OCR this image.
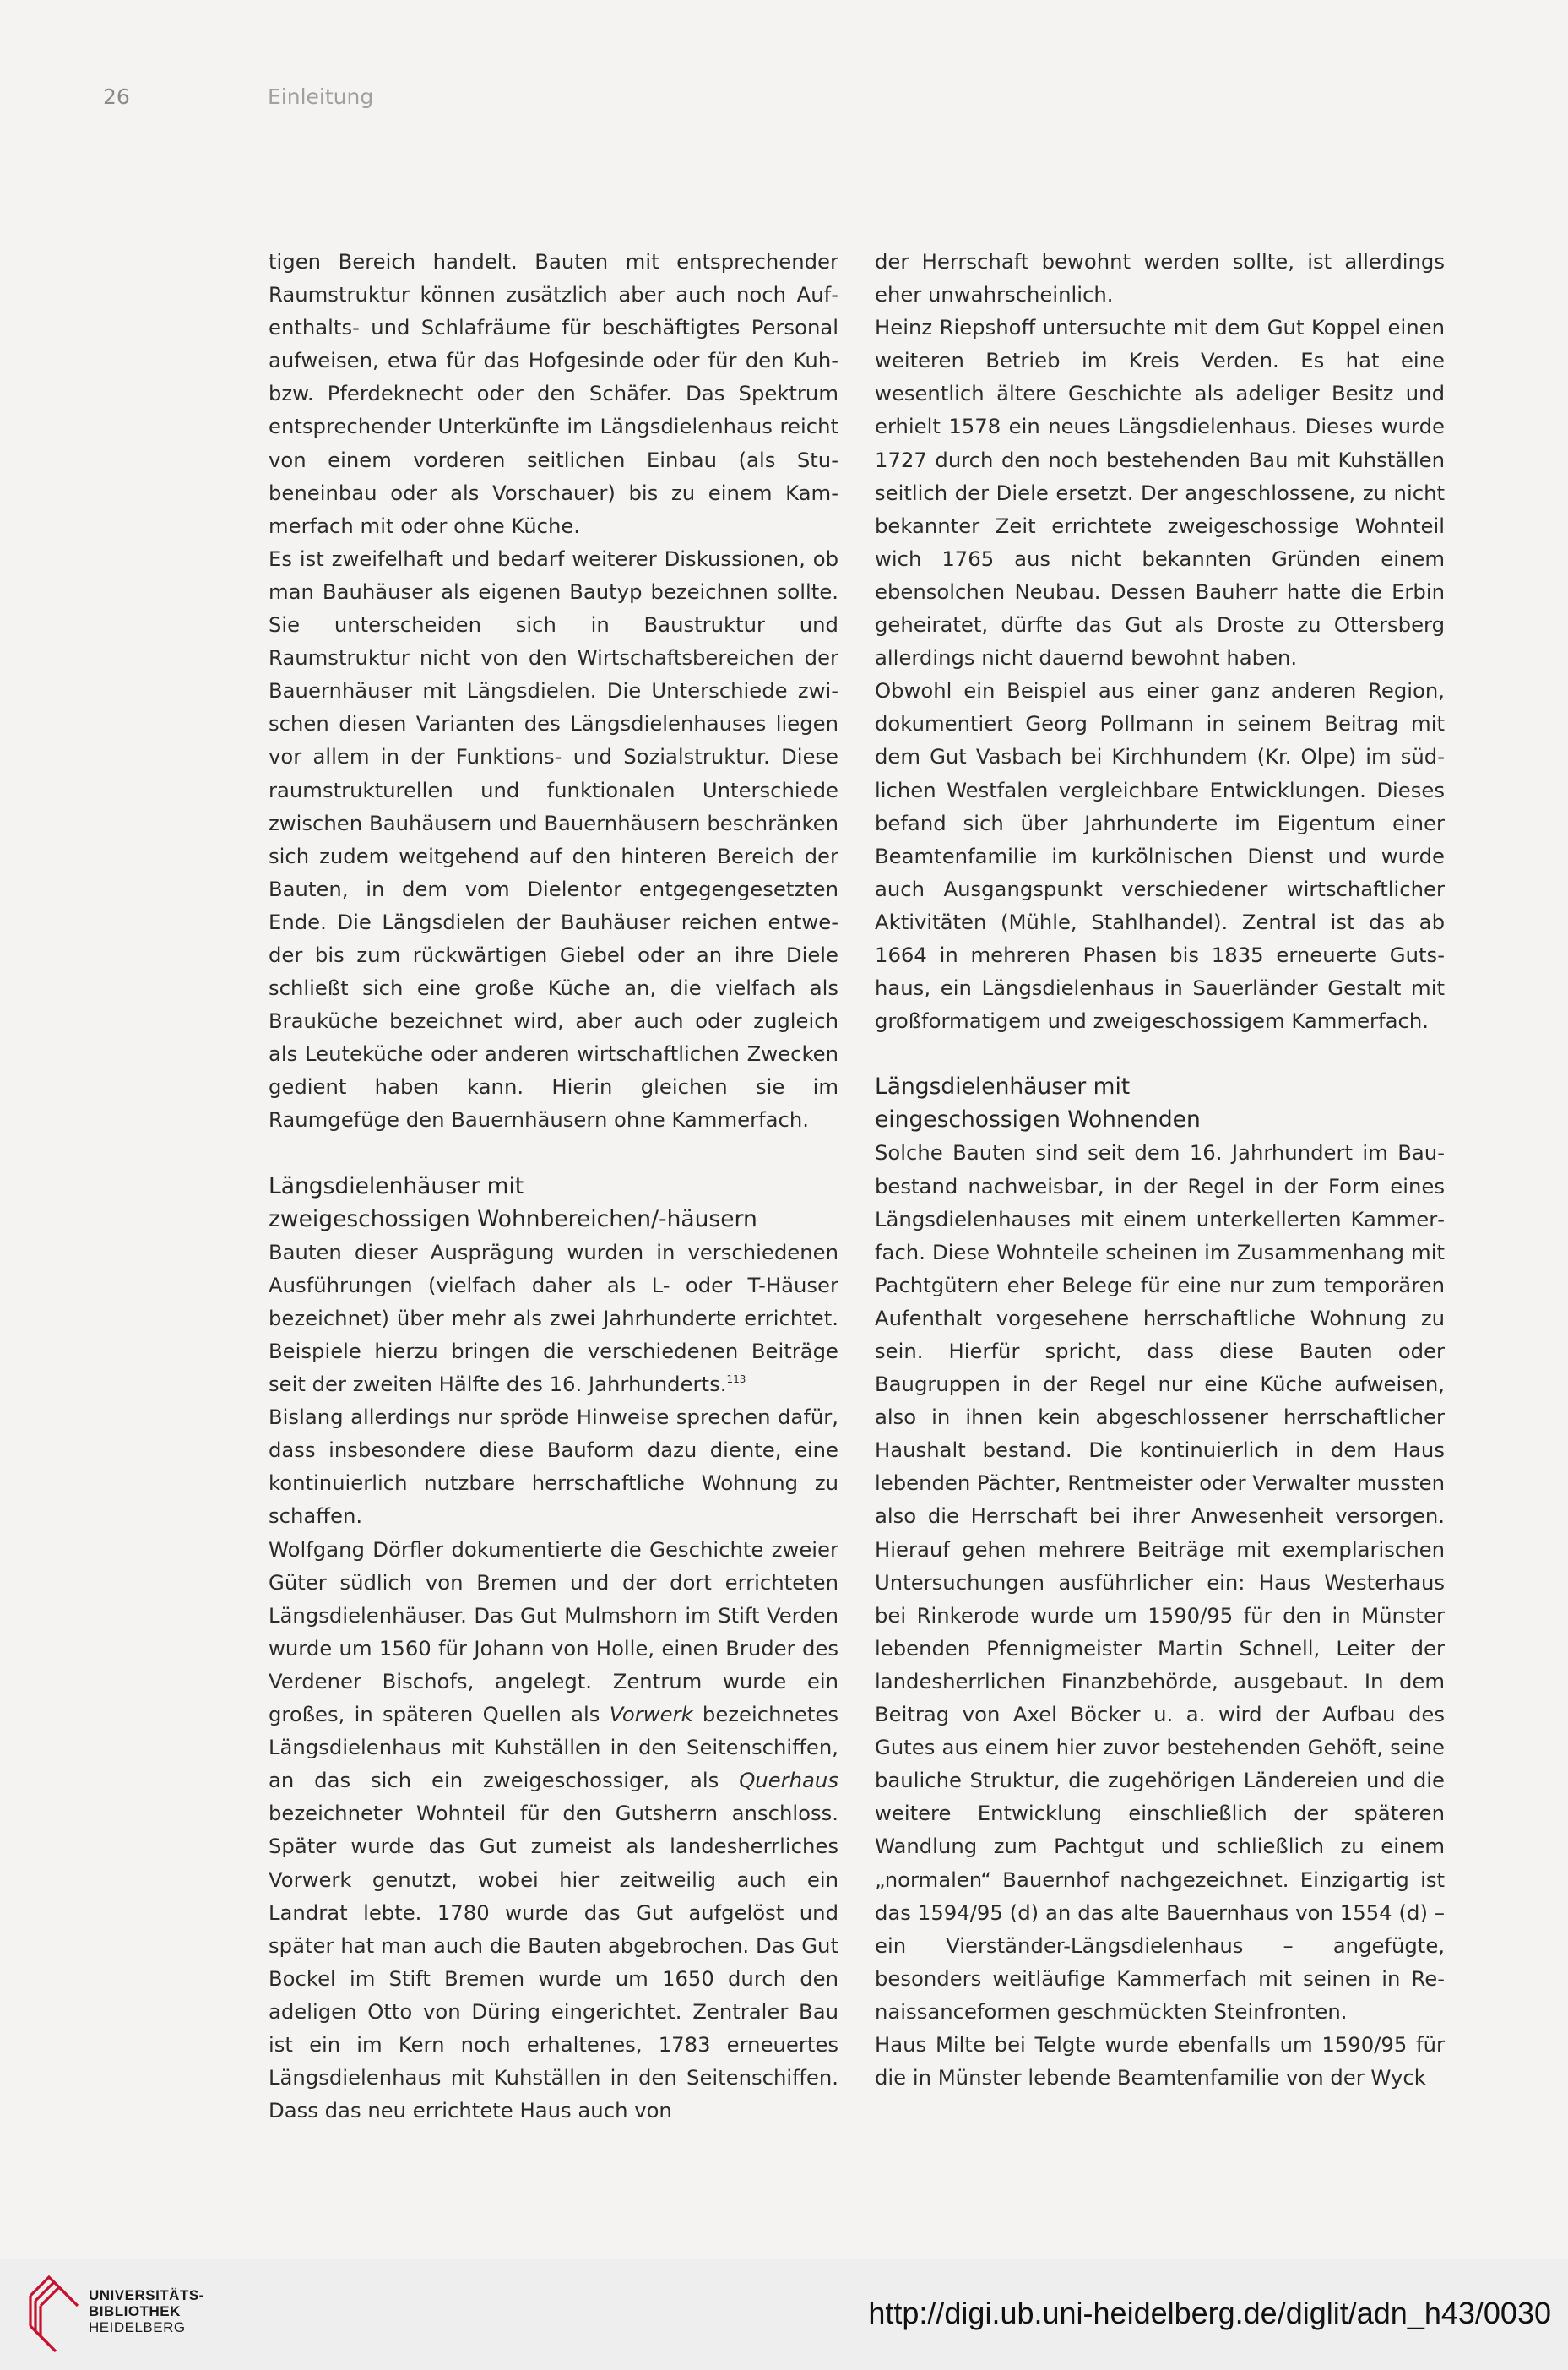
26	Einleitung

tigen Bereich handelt. Bauten mit entsprechender Raumstruktur können zusätzlich aber auch noch Aufenthalts- und Schlafräume für beschäftigtes Personal aufweisen, etwa für das Hofgesinde oder für den Kuh- bzw. Pferdeknecht oder den Schäfer. Das Spektrum entsprechender Unterkünfte im Längsdielenhaus reicht von einem vorderen seitlichen Einbau (als Stubeneinbau oder als Vorschauer) bis zu einem Kammerfach mit oder ohne Küche.

Es ist zweifelhaft und bedarf weiterer Diskussionen, ob man Bauhäuser als eigenen Bautyp bezeichnen sollte. Sie unterscheiden sich in Baustruktur und Raumstruktur nicht von den Wirtschaftsbereichen der Bauernhäuser mit Längsdielen. Die Unterschiede zwischen diesen Varianten des Längsdielenhauses liegen vor allem in der Funktions- und Sozialstruktur. Diese raumstrukturellen und funktionalen Unterschiede zwischen Bauhäusern und Bauernhäusern beschränken sich zudem weitgehend auf den hinteren Bereich der Bauten, in dem vom Dielentor entgegengesetzten Ende. Die Längsdielen der Bauhäuser reichen entweder bis zum rückwärtigen Giebel oder an ihre Diele schließt sich eine große Küche an, die vielfach als Brauküche bezeichnet wird, aber auch oder zugleich als Leuteküche oder anderen wirtschaftlichen Zwecken gedient haben kann. Hierin gleichen sie im Raumgefüge den Bauernhäusern ohne Kammerfach.

Längsdielenhäuser mit
zweigeschossigen Wohnbereichen/-häusern

Bauten dieser Ausprägung wurden in verschiedenen Ausführungen (vielfach daher als L- oder T-Häuser bezeichnet) über mehr als zwei Jahrhunderte errichtet. Beispiele hierzu bringen die verschiedenen Beiträge seit der zweiten Hälfte des 16. Jahrhunderts.$^{113}$

Bislang allerdings nur spröde Hinweise sprechen dafür, dass insbesondere diese Bauform dazu diente, eine kontinuierlich nutzbare herrschaftliche Wohnung zu schaffen.

Wolfgang Dörfler dokumentierte die Geschichte zweier Güter südlich von Bremen und der dort errichteten Längsdielenhäuser. Das Gut Mulmshorn im Stift Verden wurde um 1560 für Johann von Holle, einen Bruder des Verdener Bischofs, angelegt. Zentrum wurde ein großes, in späteren Quellen als Vorwerk bezeichnetes Längsdielenhaus mit Kuhställen in den Seitenschiffen, an das sich ein zweigeschossiger, als Querhaus bezeichneter Wohnteil für den Gutsherrn anschloss. Später wurde das Gut zumeist als landesherrliches Vorwerk genutzt, wobei hier zeitweilig auch ein Landrat lebte. 1780 wurde das Gut aufgelöst und später hat man auch die Bauten abgebrochen. Das Gut Bockel im Stift Bremen wurde um 1650 durch den adeligen Otto von Düring eingerichtet. Zentraler Bau ist ein im Kern noch erhaltenes, 1783 erneuertes Längsdielenhaus mit Kuhställen in den Seitenschiffen. Dass das neu errichtete Haus auch von

der Herrschaft bewohnt werden sollte, ist allerdings eher unwahrscheinlich.

Heinz Riepshoff untersuchte mit dem Gut Koppel einen weiteren Betrieb im Kreis Verden. Es hat eine wesentlich ältere Geschichte als adeliger Besitz und erhielt 1578 ein neues Längsdielenhaus. Dieses wurde 1727 durch den noch bestehenden Bau mit Kuhställen seitlich der Diele ersetzt. Der angeschlossene, zu nicht bekannter Zeit errichtete zweigeschossige Wohnteil wich 1765 aus nicht bekannten Gründen einem ebensolchen Neubau. Dessen Bauherr hatte die Erbin geheiratet, dürfte das Gut als Droste zu Ottersberg allerdings nicht dauernd bewohnt haben.

Obwohl ein Beispiel aus einer ganz anderen Region, dokumentiert Georg Pollmann in seinem Beitrag mit dem Gut Vasbach bei Kirchhundem (Kr. Olpe) im südlichen Westfalen vergleichbare Entwicklungen. Dieses befand sich über Jahrhunderte im Eigentum einer Beamtenfamilie im kurkölnischen Dienst und wurde auch Ausgangspunkt verschiedener wirtschaftlicher Aktivitäten (Mühle, Stahlhandel). Zentral ist das ab 1664 in mehreren Phasen bis 1835 erneuerte Gutshaus, ein Längsdielenhaus in Sauerländer Gestalt mit großformatigem und zweigeschossigem Kammerfach.

Längsdielenhäuser mit
eingeschossigen Wohnenden

Solche Bauten sind seit dem 16. Jahrhundert im Baubestand nachweisbar, in der Regel in der Form eines Längsdielenhauses mit einem unterkellerten Kammerfach. Diese Wohnteile scheinen im Zusammenhang mit Pachtgütern eher Belege für eine nur zum temporären Aufenthalt vorgesehene herrschaftliche Wohnung zu sein. Hierfür spricht, dass diese Bauten oder Baugruppen in der Regel nur eine Küche aufweisen, also in ihnen kein abgeschlossener herrschaftlicher Haushalt bestand. Die kontinuierlich in dem Haus lebenden Pächter, Rentmeister oder Verwalter mussten also die Herrschaft bei ihrer Anwesenheit versorgen. Hierauf gehen mehrere Beiträge mit exemplarischen Untersuchungen ausführlicher ein: Haus Westerhaus bei Rinkerode wurde um 1590/95 für den in Münster lebenden Pfennigmeister Martin Schnell, Leiter der landesherrlichen Finanzbehörde, ausgebaut. In dem Beitrag von Axel Böcker u. a. wird der Aufbau des Gutes aus einem hier zuvor bestehenden Gehöft, seine bauliche Struktur, die zugehörigen Ländereien und die weitere Entwicklung einschließlich der späteren Wandlung zum Pachtgut und schließlich zu einem „normalen“ Bauernhof nachgezeichnet. Einzigartig ist das 1594/95 (d) an das alte Bauernhaus von 1554 (d) – ein Vierständer-Längsdielenhaus – angefügte, besonders weitläufige Kammerfach mit seinen in Renaissanceformen geschmückten Steinfronten.

Haus Milte bei Telgte wurde ebenfalls um 1590/95 für die in Münster lebende Beamtenfamilie von der Wyck

UNIVERSITÄTS-
BIBLIOTHEK
HEIDELBERG	http://digi.ub.uni-heidelberg.de/diglit/adn_h43/0030
